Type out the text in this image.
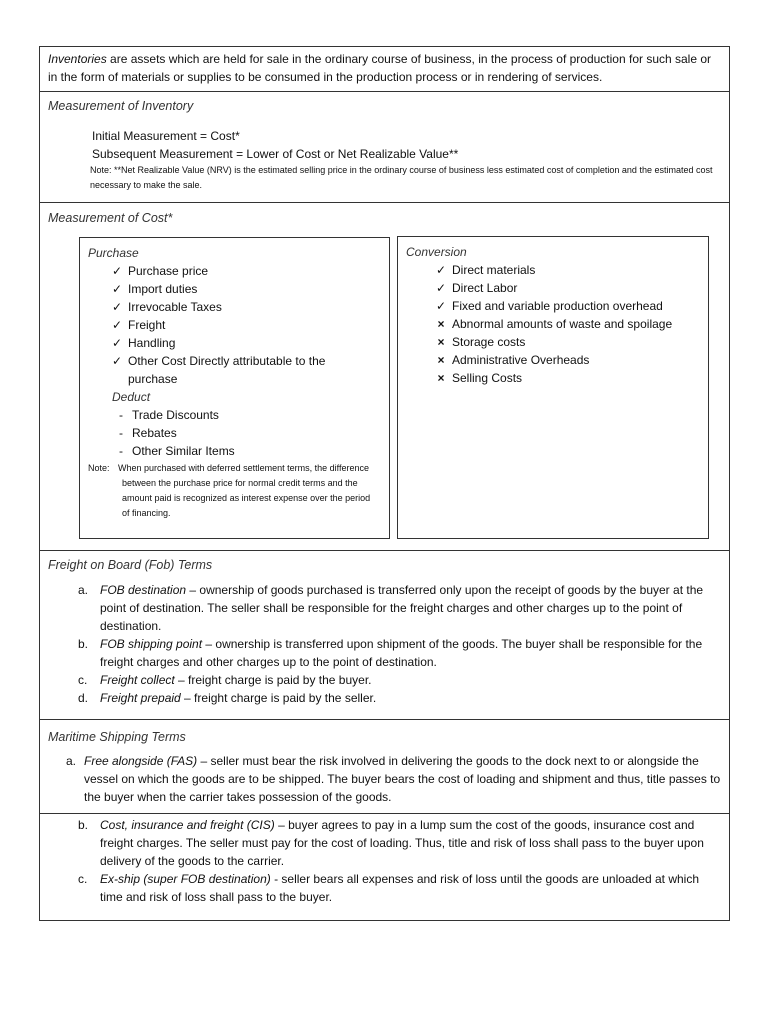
Inventories are assets which are held for sale in the ordinary course of business, in the process of production for such sale or in the form of materials or supplies to be consumed in the production process or in rendering of services.
Measurement of Inventory
Initial Measurement = Cost*
Subsequent Measurement = Lower of Cost or Net Realizable Value**
Note: **Net Realizable Value (NRV) is the estimated selling price in the ordinary course of business less estimated cost of completion and the estimated cost necessary to make the sale.
Measurement of Cost*
Purchase
✓ Purchase price
✓ Import duties
✓ Irrevocable Taxes
✓ Freight
✓ Handling
✓ Other Cost Directly attributable to the purchase
Deduct
- Trade Discounts
- Rebates
- Other Similar Items
Note: When purchased with deferred settlement terms, the difference between the purchase price for normal credit terms and the amount paid is recognized as interest expense over the period of financing.
Conversion
✓ Direct materials
✓ Direct Labor
✓ Fixed and variable production overhead
× Abnormal amounts of waste and spoilage
× Storage costs
× Administrative Overheads
× Selling Costs
Freight on Board (Fob) Terms
a. FOB destination – ownership of goods purchased is transferred only upon the receipt of goods by the buyer at the point of destination. The seller shall be responsible for the freight charges and other charges up to the point of destination.
b. FOB shipping point – ownership is transferred upon shipment of the goods. The buyer shall be responsible for the freight charges and other charges up to the point of destination.
c.	Freight collect – freight charge is paid by the buyer.
d. Freight prepaid – freight charge is paid by the seller.
Maritime Shipping Terms
a. Free alongside (FAS) – seller must bear the risk involved in delivering the goods to the dock next to or alongside the vessel on which the goods are to be shipped. The buyer bears the cost of loading and shipment and thus, title passes to the buyer when the carrier takes possession of the goods.
b. Cost, insurance and freight (CIS) – buyer agrees to pay in a lump sum the cost of the goods, insurance cost and freight charges. The seller must pay for the cost of loading. Thus, title and risk of loss shall pass to the buyer upon delivery of the goods to the carrier.
c.	Ex-ship (super FOB destination) - seller bears all expenses and risk of loss until the goods are unloaded at which time and risk of loss shall pass to the buyer.
